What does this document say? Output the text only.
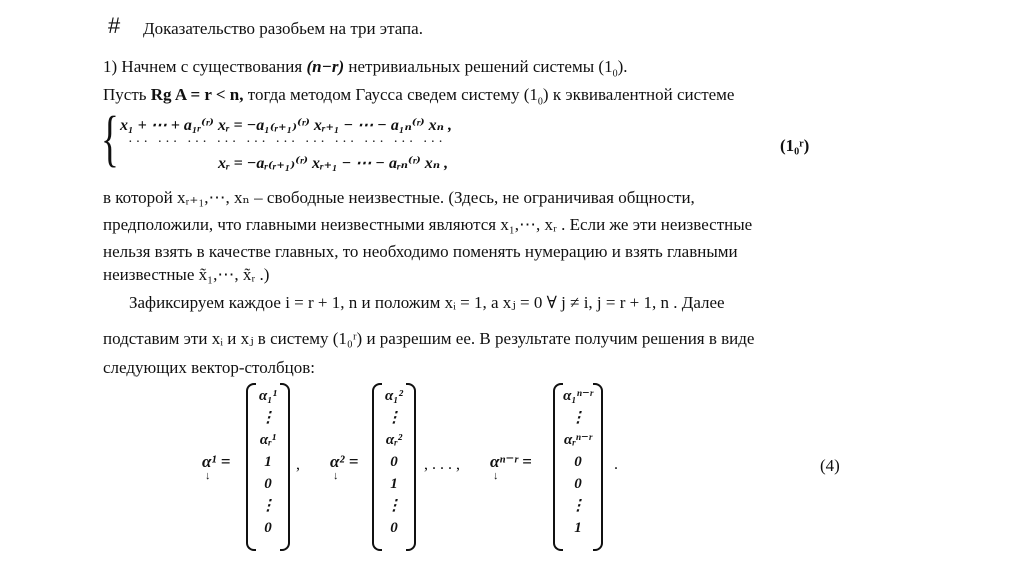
# Доказательство разобьем на три этапа.
1) Начнем с существования (n−r) нетривиальных решений системы $(1_0)$.
Пусть Rg A = r < n, тогда методом Гаусса сведем систему $(1_0)$ к эквивалентной системе
{ x₁ + ⋯ + a₁ᵣ⁽ʳ⁾ xᵣ = −a₁₍ᵣ₊₁₎⁽ʳ⁾ xᵣ₊₁ − ⋯ − a₁ₙ⁽ʳ⁾ xₙ ,
··· ··· ··· ··· ··· ··· ··· ··· ··· ··· ···
xᵣ = −aᵣ₍ᵣ₊₁₎⁽ʳ⁾ xᵣ₊₁ − ⋯ − aᵣₙ⁽ʳ⁾ xₙ ,
(1₀ʳ)
в которой xᵣ₊₁,⋯, xₙ – свободные неизвестные. (Здесь, не ограничивая общности,
предположили, что главными неизвестными являются x₁,⋯, xᵣ . Если же эти неизвестные
нельзя взять в качестве главных, то необходимо поменять нумерацию и взять главными
неизвестные x̃₁,⋯, x̃ᵣ .)
Зафиксируем каждое i = r + 1, n и положим xᵢ = 1, а xⱼ = 0 ∀ j ≠ i, j = r + 1, n . Далее
подставим эти xᵢ и xⱼ в систему (1₀ʳ) и разрешим ее. В результате получим решения в виде
следующих вектор-столбцов:
α¹ =
↓
α₁¹
⋮
αᵣ¹
1
0
⋮
0
, α² =
↓
α₁²
⋮
αᵣ²
0
1
⋮
0
, . . . , αⁿ⁻ʳ =
↓
α₁ⁿ⁻ʳ
⋮
αᵣⁿ⁻ʳ
0
0
⋮
1
.	(4)
